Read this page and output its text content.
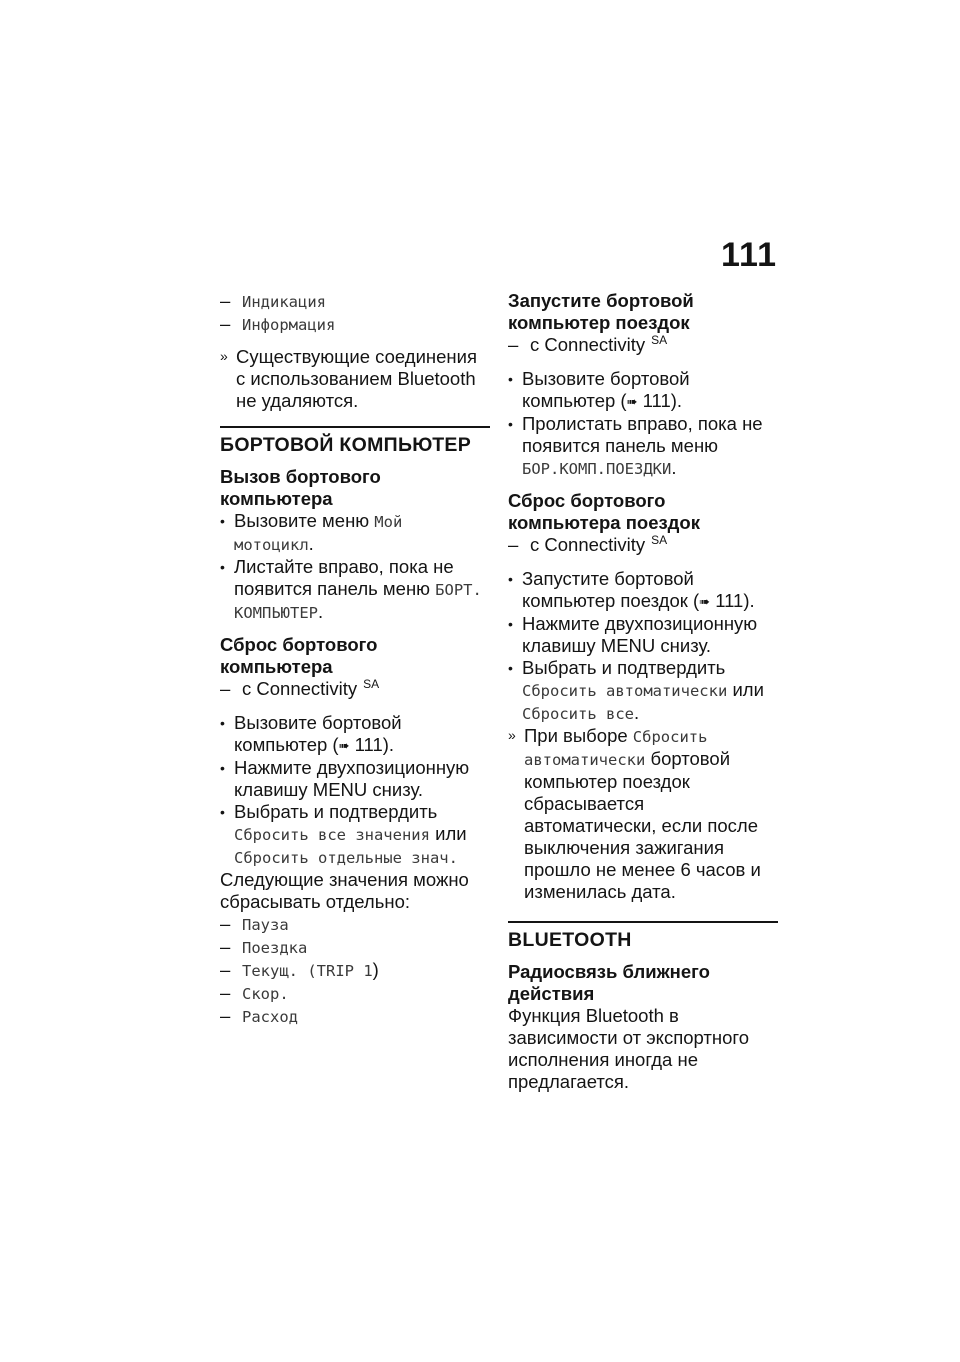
111
– Индикация
– Информация
» Существующие соединения с использованием Bluetooth не удаляются.
БОРТОВОЙ КОМПЬЮТЕР
Вызов бортового компьютера
• Вызовите меню Мой мотоцикл.
• Листайте вправо, пока не появится панель меню БОРТ. КОМПЬЮТЕР.
Сброс бортового компьютера
– с Connectivity $^{SA}$
• Вызовите бортовой компьютер (➠ 111).
• Нажмите двухпозиционную клавишу MENU снизу.
• Выбрать и подтвердить Сбросить все значения или Сбросить отдельные знач.
Следующие значения можно сбрасывать отдельно:
– Пауза
– Поездка
– Текущ. (TRIP 1)
– Скор.
– Расход
Запустите бортовой компьютер поездок
– с Connectivity $^{SA}$
• Вызовите бортовой компьютер (➠ 111).
• Пролистать вправо, пока не появится панель меню БОР.КОМП.ПОЕЗДКИ.
Сброс бортового компьютера поездок
– с Connectivity $^{SA}$
• Запустите бортовой компьютер поездок (➠ 111).
• Нажмите двухпозиционную клавишу MENU снизу.
• Выбрать и подтвердить Сбросить автоматически или Сбросить все.
» При выборе Сбросить автоматически бортовой компьютер поездок сбрасывается автоматически, если после выключения зажигания прошло не менее 6 часов и изменилась дата.
BLUETOOTH
Радиосвязь ближнего действия
Функция Bluetooth в зависимости от экспортного исполнения иногда не предлагается.
